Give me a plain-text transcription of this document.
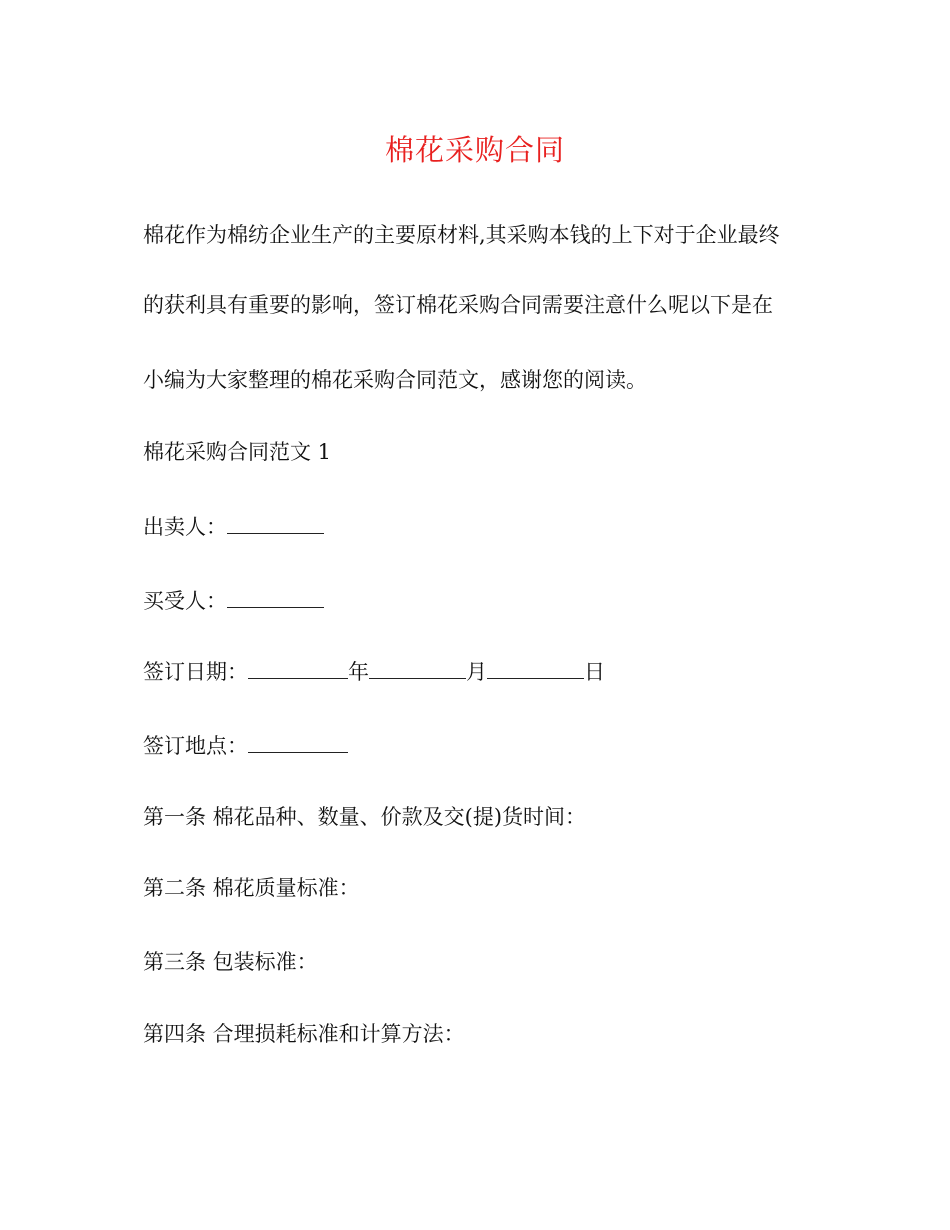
棉花采购合同
棉花作为棉纺企业生产的主要原材料,其采购本钱的上下对于企业最终
的获利具有重要的影响，签订棉花采购合同需要注意什么呢以下是在
小编为大家整理的棉花采购合同范文，感谢您的阅读。
棉花采购合同范文 1
出卖人：
买受人：
签订日期：	年	月	日
签订地点：
第一条 棉花品种、数量、价款及交(提)货时间：
第二条 棉花质量标准：
第三条 包装标准：
第四条 合理损耗标准和计算方法：
